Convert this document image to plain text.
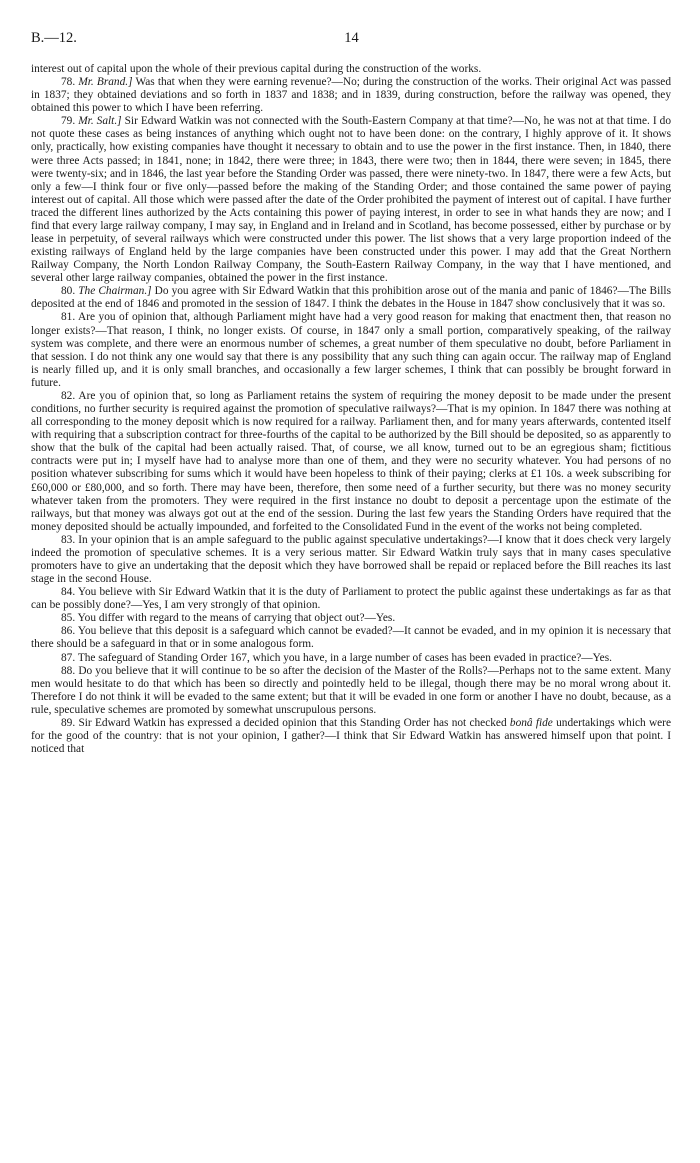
B.—12.	14

interest out of capital upon the whole of their previous capital during the construction of the works.

78. Mr. Brand.] Was that when they were earning revenue?—No; during the construction of the works. Their original Act was passed in 1837; they obtained deviations and so forth in 1837 and 1838; and in 1839, during construction, before the railway was opened, they obtained this power to which I have been referring.

79. Mr. Salt.] Sir Edward Watkin was not connected with the South-Eastern Company at that time?—No, he was not at that time. I do not quote these cases as being instances of anything which ought not to have been done: on the contrary, I highly approve of it. It shows only, practically, how existing companies have thought it necessary to obtain and to use the power in the first instance. Then, in 1840, there were three Acts passed; in 1841, none; in 1842, there were three; in 1843, there were two; then in 1844, there were seven; in 1845, there were twenty-six; and in 1846, the last year before the Standing Order was passed, there were ninety-two. In 1847, there were a few Acts, but only a few—I think four or five only—passed before the making of the Standing Order; and those contained the same power of paying interest out of capital. All those which were passed after the date of the Order prohibited the payment of interest out of capital. I have further traced the different lines authorized by the Acts containing this power of paying interest, in order to see in what hands they are now; and I find that every large railway company, I may say, in England and in Ireland and in Scotland, has become possessed, either by purchase or by lease in perpetuity, of several railways which were constructed under this power. The list shows that a very large proportion indeed of the existing railways of England held by the large companies have been constructed under this power. I may add that the Great Northern Railway Company, the North London Railway Company, the South-Eastern Railway Company, in the way that I have mentioned, and several other large railway companies, obtained the power in the first instance.

80. The Chairman.] Do you agree with Sir Edward Watkin that this prohibition arose out of the mania and panic of 1846?—The Bills deposited at the end of 1846 and promoted in the session of 1847. I think the debates in the House in 1847 show conclusively that it was so.

81. Are you of opinion that, although Parliament might have had a very good reason for making that enactment then, that reason no longer exists?—That reason, I think, no longer exists. Of course, in 1847 only a small portion, comparatively speaking, of the railway system was complete, and there were an enormous number of schemes, a great number of them speculative no doubt, before Parliament in that session. I do not think any one would say that there is any possibility that any such thing can again occur. The railway map of England is nearly filled up, and it is only small branches, and occasionally a few larger schemes, I think that can possibly be brought forward in future.

82. Are you of opinion that, so long as Parliament retains the system of requiring the money deposit to be made under the present conditions, no further security is required against the promotion of speculative railways?—That is my opinion. In 1847 there was nothing at all corresponding to the money deposit which is now required for a railway. Parliament then, and for many years afterwards, contented itself with requiring that a subscription contract for three-fourths of the capital to be authorized by the Bill should be deposited, so as apparently to show that the bulk of the capital had been actually raised. That, of course, we all know, turned out to be an egregious sham; fictitious contracts were put in; I myself have had to analyse more than one of them, and they were no security whatever. You had persons of no position whatever subscribing for sums which it would have been hopeless to think of their paying; clerks at £1 10s. a week subscribing for £60,000 or £80,000, and so forth. There may have been, therefore, then some need of a further security, but there was no money security whatever taken from the promoters. They were required in the first instance no doubt to deposit a percentage upon the estimate of the railways, but that money was always got out at the end of the session. During the last few years the Standing Orders have required that the money deposited should be actually impounded, and forfeited to the Consolidated Fund in the event of the works not being completed.

83. In your opinion that is an ample safeguard to the public against speculative undertakings?—I know that it does check very largely indeed the promotion of speculative schemes. It is a very serious matter. Sir Edward Watkin truly says that in many cases speculative promoters have to give an undertaking that the deposit which they have borrowed shall be repaid or replaced before the Bill reaches its last stage in the second House.

84. You believe with Sir Edward Watkin that it is the duty of Parliament to protect the public against these undertakings as far as that can be possibly done?—Yes, I am very strongly of that opinion.

85. You differ with regard to the means of carrying that object out?—Yes.

86. You believe that this deposit is a safeguard which cannot be evaded?—It cannot be evaded, and in my opinion it is necessary that there should be a safeguard in that or in some analogous form.

87. The safeguard of Standing Order 167, which you have, in a large number of cases has been evaded in practice?—Yes.

88. Do you believe that it will continue to be so after the decision of the Master of the Rolls?—Perhaps not to the same extent. Many men would hesitate to do that which has been so directly and pointedly held to be illegal, though there may be no moral wrong about it. Therefore I do not think it will be evaded to the same extent; but that it will be evaded in one form or another I have no doubt, because, as a rule, speculative schemes are promoted by somewhat unscrupulous persons.

89. Sir Edward Watkin has expressed a decided opinion that this Standing Order has not checked bonâ fide undertakings which were for the good of the country: that is not your opinion, I gather?—I think that Sir Edward Watkin has answered himself upon that point. I noticed that
